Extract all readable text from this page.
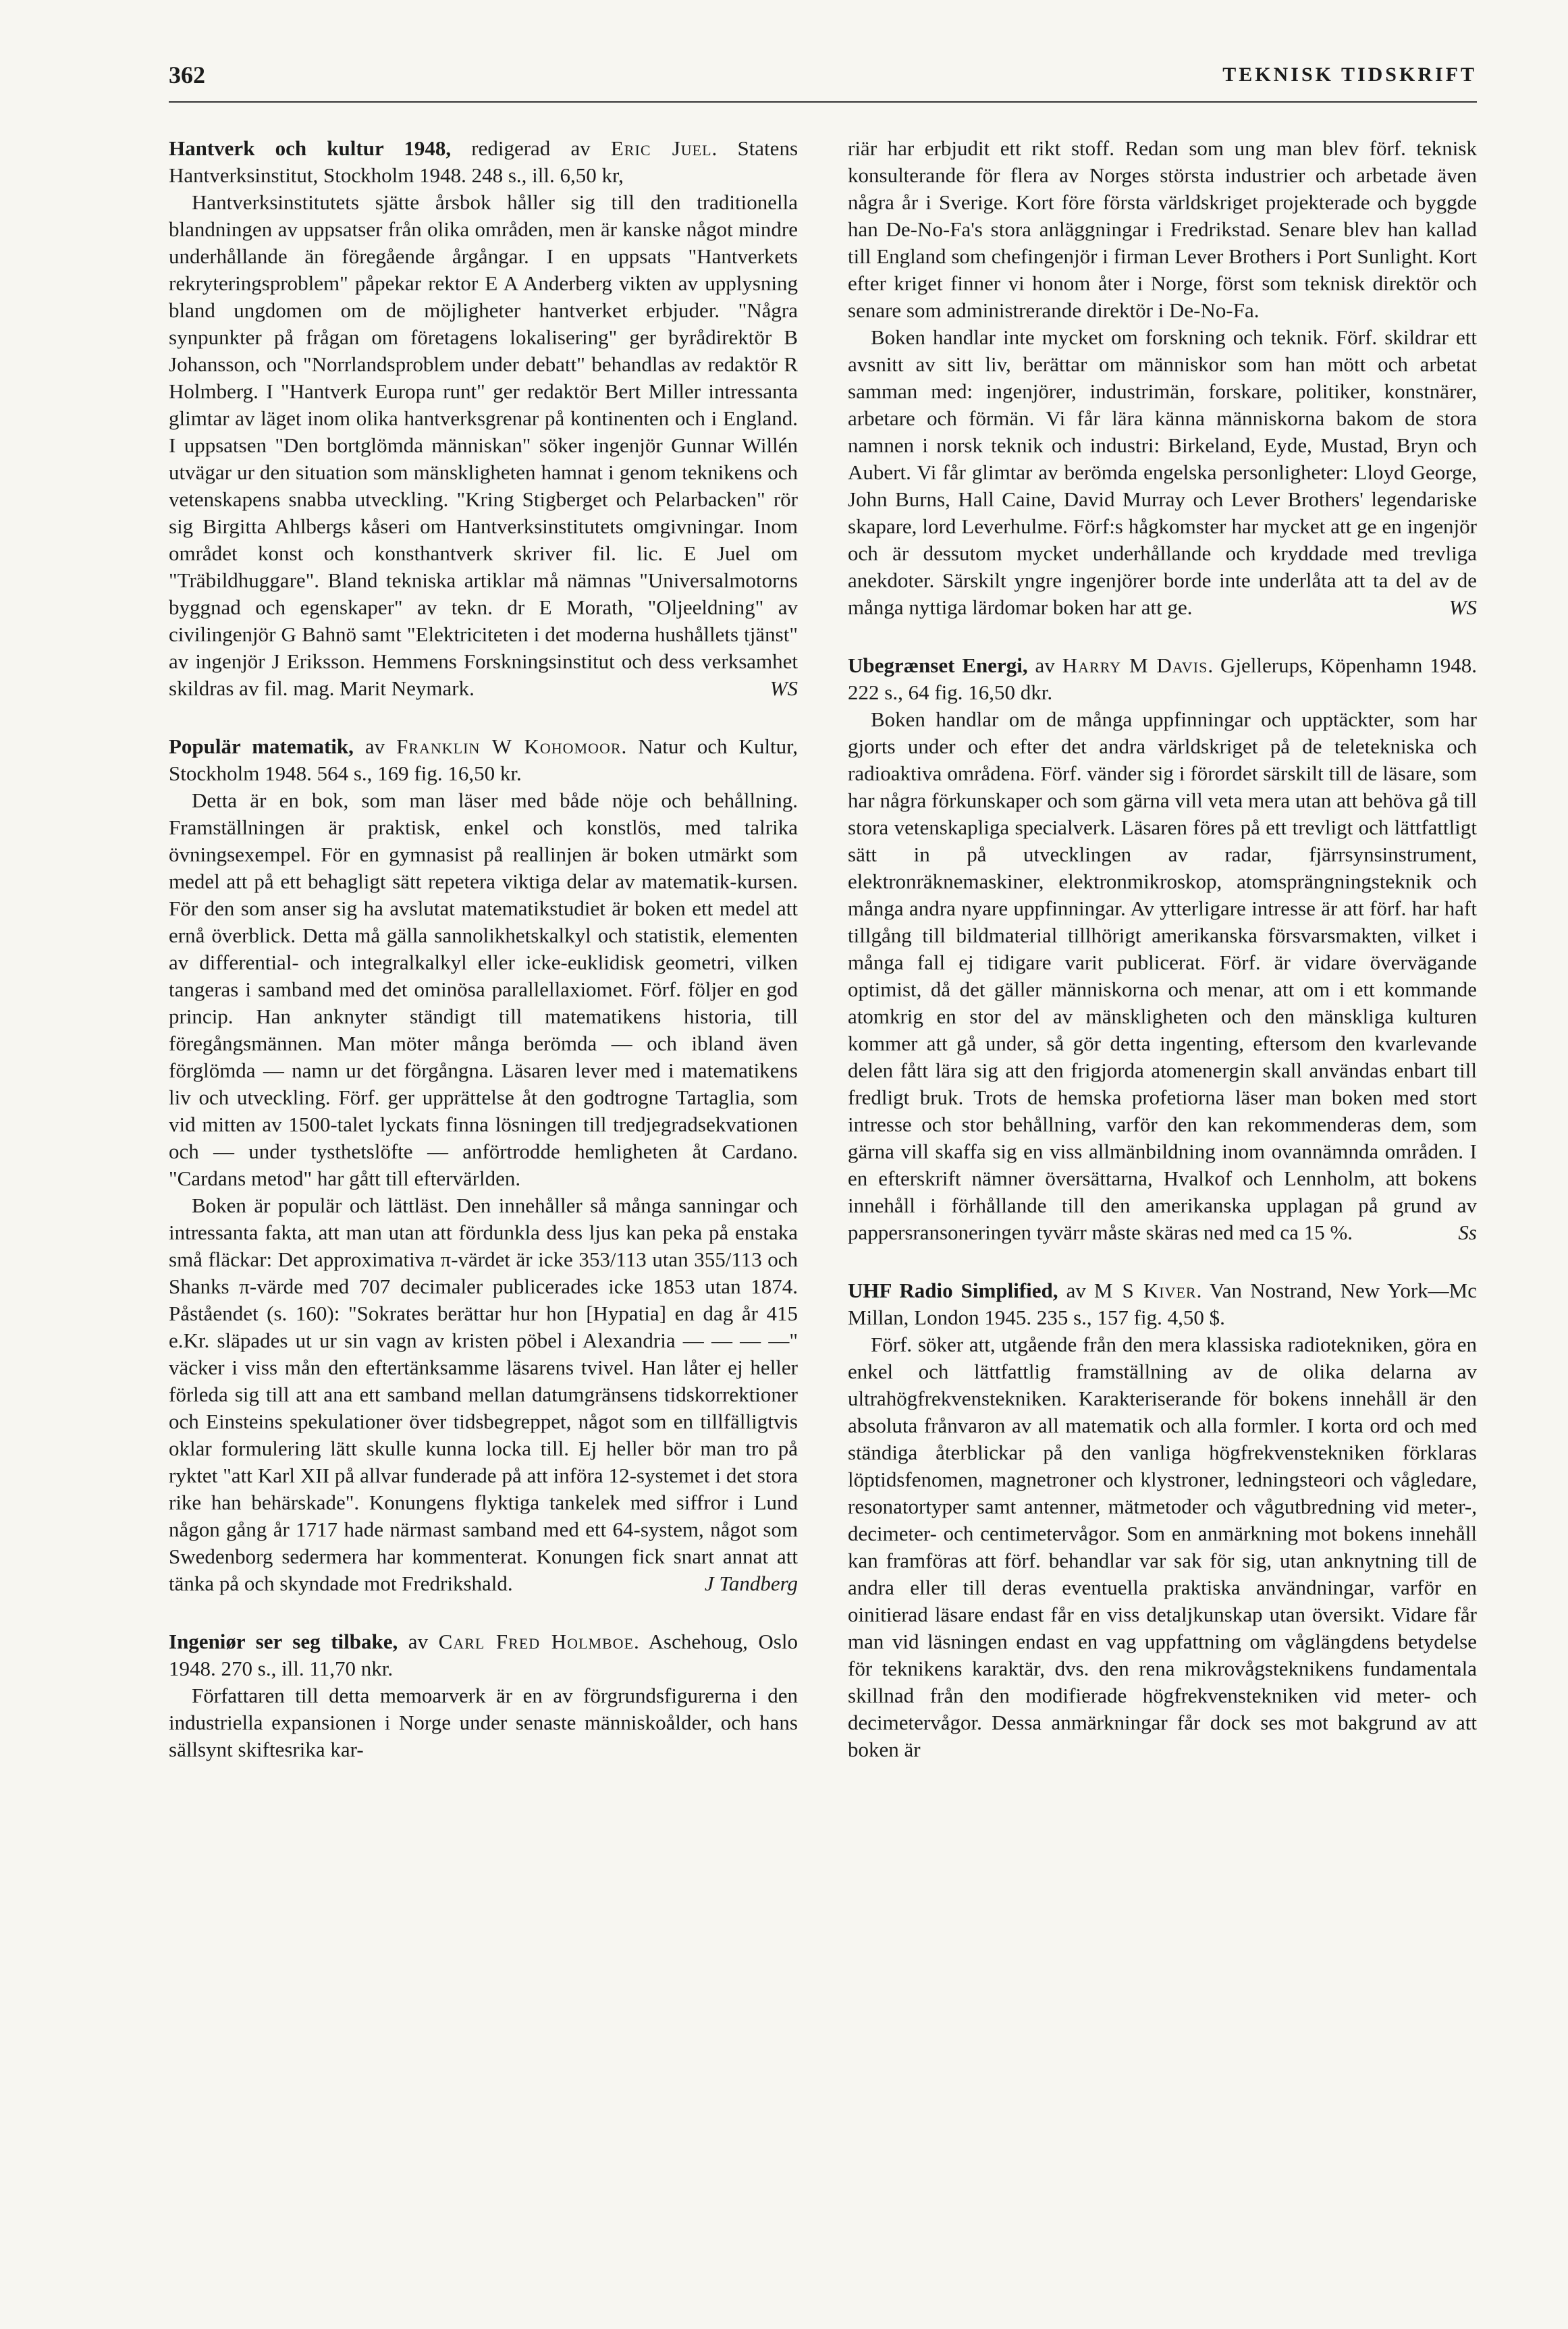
362	TEKNISK TIDSKRIFT

Hantverk och kultur 1948, redigerad av Eric Juel. Statens Hantverksinstitut, Stockholm 1948. 248 s., ill. 6,50 kr,

Hantverksinstitutets sjätte årsbok håller sig till den traditionella blandningen av uppsatser från olika områden, men är kanske något mindre underhållande än föregående årgångar. I en uppsats "Hantverkets rekryteringsproblem" påpekar rektor E A Anderberg vikten av upplysning bland ungdomen om de möjligheter hantverket erbjuder. "Några synpunkter på frågan om företagens lokalisering" ger byrådirektör B Johansson, och "Norrlandsproblem under debatt" behandlas av redaktör R Holmberg. I "Hantverk Europa runt" ger redaktör Bert Miller intressanta glimtar av läget inom olika hantverksgrenar på kontinenten och i England. I uppsatsen "Den bortglömda människan" söker ingenjör Gunnar Willén utvägar ur den situation som mänskligheten hamnat i genom teknikens och vetenskapens snabba utveckling. "Kring Stigberget och Pelarbacken" rör sig Birgitta Ahlbergs kåseri om Hantverksinstitutets omgivningar. Inom området konst och konsthantverk skriver fil. lic. E Juel om "Träbildhuggare". Bland tekniska artiklar må nämnas "Universalmotorns byggnad och egenskaper" av tekn. dr E Morath, "Oljeeldning" av civilingenjör G Bahnö samt "Elektriciteten i det moderna hushållets tjänst" av ingenjör J Eriksson. Hemmens Forskningsinstitut och dess verksamhet skildras av fil. mag. Marit Neymark.	WS

Populär matematik, av Franklin W Kohomoor. Natur och Kultur, Stockholm 1948. 564 s., 169 fig. 16,50 kr.

Detta är en bok, som man läser med både nöje och behållning. Framställningen är praktisk, enkel och konstlös, med talrika övningsexempel. För en gymnasist på reallinjen är boken utmärkt som medel att på ett behagligt sätt repetera viktiga delar av matematik-kursen. För den som anser sig ha avslutat matematikstudiet är boken ett medel att ernå överblick. Detta må gälla sannolikhetskalkyl och statistik, elementen av differential- och integralkalkyl eller icke-euklidisk geometri, vilken tangeras i samband med det ominösa parallellaxiomet. Förf. följer en god princip. Han anknyter ständigt till matematikens historia, till föregångsmännen. Man möter många berömda — och ibland även förglömda — namn ur det förgångna. Läsaren lever med i matematikens liv och utveckling. Förf. ger upprättelse åt den godtrogne Tartaglia, som vid mitten av 1500-talet lyckats finna lösningen till tredjegradsekvationen och — under tysthetslöfte — anförtrodde hemligheten åt Cardano. "Cardans metod" har gått till eftervärlden.

Boken är populär och lättläst. Den innehåller så många sanningar och intressanta fakta, att man utan att fördunkla dess ljus kan peka på enstaka små fläckar: Det approximativa π-värdet är icke 353/113 utan 355/113 och Shanks π-värde med 707 decimaler publicerades icke 1853 utan 1874. Påståendet (s. 160): "Sokrates berättar hur hon [Hypatia] en dag år 415 e.Kr. släpades ut ur sin vagn av kristen pöbel i Alexandria — — — —" väcker i viss mån den eftertänksamme läsarens tvivel. Han låter ej heller förleda sig till att ana ett samband mellan datumgränsens tidskorrektioner och Einsteins spekulationer över tidsbegreppet, något som en tillfälligtvis oklar formulering lätt skulle kunna locka till. Ej heller bör man tro på ryktet "att Karl XII på allvar funderade på att införa 12-systemet i det stora rike han behärskade". Konungens flyktiga tankelek med siffror i Lund någon gång år 1717 hade närmast samband med ett 64-system, något som Swedenborg sedermera har kommenterat. Konungen fick snart annat att tänka på och skyndade mot Fredrikshald.	J Tandberg

Ingeniør ser seg tilbake, av Carl Fred Holmboe. Aschehoug, Oslo 1948. 270 s., ill. 11,70 nkr.

Författaren till detta memoarverk är en av förgrundsfigurerna i den industriella expansionen i Norge under senaste människoålder, och hans sällsynt skiftesrika kar-

riär har erbjudit ett rikt stoff. Redan som ung man blev förf. teknisk konsulterande för flera av Norges största industrier och arbetade även några år i Sverige. Kort före första världskriget projekterade och byggde han De-No-Fa's stora anläggningar i Fredrikstad. Senare blev han kallad till England som chefingenjör i firman Lever Brothers i Port Sunlight. Kort efter kriget finner vi honom åter i Norge, först som teknisk direktör och senare som administrerande direktör i De-No-Fa.

Boken handlar inte mycket om forskning och teknik. Förf. skildrar ett avsnitt av sitt liv, berättar om människor som han mött och arbetat samman med: ingenjörer, industrimän, forskare, politiker, konstnärer, arbetare och förmän. Vi får lära känna människorna bakom de stora namnen i norsk teknik och industri: Birkeland, Eyde, Mustad, Bryn och Aubert. Vi får glimtar av berömda engelska personligheter: Lloyd George, John Burns, Hall Caine, David Murray och Lever Brothers' legendariske skapare, lord Leverhulme. Förf:s hågkomster har mycket att ge en ingenjör och är dessutom mycket underhållande och kryddade med trevliga anekdoter. Särskilt yngre ingenjörer borde inte underlåta att ta del av de många nyttiga lärdomar boken har att ge.	WS

Ubegrænset Energi, av Harry M Davis. Gjellerups, Köpenhamn 1948. 222 s., 64 fig. 16,50 dkr.

Boken handlar om de många uppfinningar och upptäckter, som har gjorts under och efter det andra världskriget på de teletekniska och radioaktiva områdena. Förf. vänder sig i förordet särskilt till de läsare, som har några förkunskaper och som gärna vill veta mera utan att behöva gå till stora vetenskapliga specialverk. Läsaren föres på ett trevligt och lättfattligt sätt in på utvecklingen av radar, fjärrsynsinstrument, elektronräknemaskiner, elektronmikroskop, atomsprängningsteknik och många andra nyare uppfinningar. Av ytterligare intresse är att förf. har haft tillgång till bildmaterial tillhörigt amerikanska försvarsmakten, vilket i många fall ej tidigare varit publicerat. Förf. är vidare övervägande optimist, då det gäller människorna och menar, att om i ett kommande atomkrig en stor del av mänskligheten och den mänskliga kulturen kommer att gå under, så gör detta ingenting, eftersom den kvarlevande delen fått lära sig att den frigjorda atomenergin skall användas enbart till fredligt bruk. Trots de hemska profetiorna läser man boken med stort intresse och stor behållning, varför den kan rekommenderas dem, som gärna vill skaffa sig en viss allmänbildning inom ovannämnda områden. I en efterskrift nämner översättarna, Hvalkof och Lennholm, att bokens innehåll i förhållande till den amerikanska upplagan på grund av pappersransoneringen tyvärr måste skäras ned med ca 15 %.	Ss

UHF Radio Simplified, av M S Kiver. Van Nostrand, New York—Mc Millan, London 1945. 235 s., 157 fig. 4,50 $.

Förf. söker att, utgående från den mera klassiska radiotekniken, göra en enkel och lättfattlig framställning av de olika delarna av ultrahögfrekvenstekniken. Karakteriserande för bokens innehåll är den absoluta frånvaron av all matematik och alla formler. I korta ord och med ständiga återblickar på den vanliga högfrekvenstekniken förklaras löptidsfenomen, magnetroner och klystroner, ledningsteori och vågledare, resonatortyper samt antenner, mätmetoder och vågutbredning vid meter-, decimeter- och centimetervågor. Som en anmärkning mot bokens innehåll kan framföras att förf. behandlar var sak för sig, utan anknytning till de andra eller till deras eventuella praktiska användningar, varför en oinitierad läsare endast får en viss detaljkunskap utan översikt. Vidare får man vid läsningen endast en vag uppfattning om våglängdens betydelse för teknikens karaktär, dvs. den rena mikrovågsteknikens fundamentala skillnad från den modifierade högfrekvenstekniken vid meter- och decimetervågor. Dessa anmärkningar får dock ses mot bakgrund av att boken är
